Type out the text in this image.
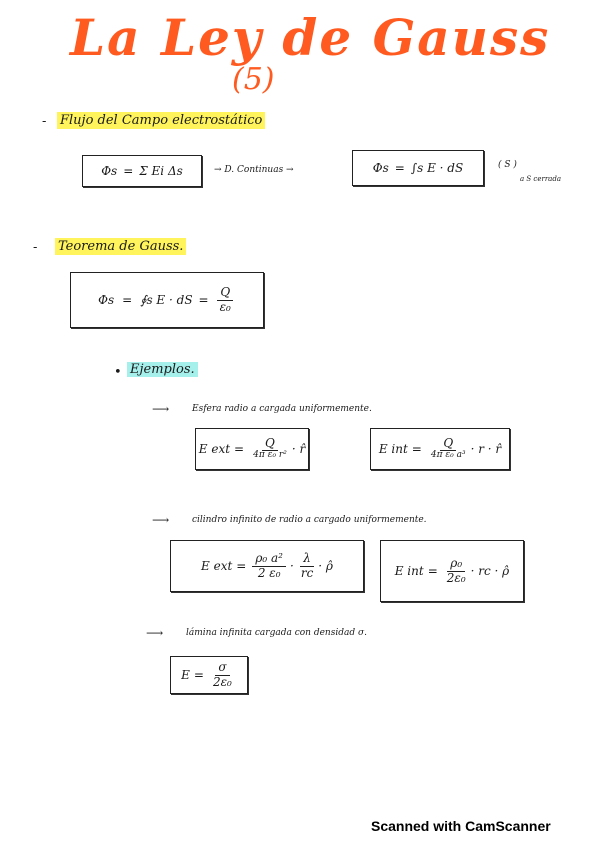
La Ley de Gauss
(5)
- Flujo del Campo electrostático
Φs = Σ Ei Δs	→ D. Continuas →	Φs = ∫s E · dS	( S )
a S cerrada
- Teorema de Gauss.
Φs = ∮s E · dS = $\frac{Q}{\text{ε₀}}$
• Ejemplos.
⟶	Esfera radio a cargada uniformemente.
E ext = $\frac{Q}{\text{4π ε₀ r²}}$ · r̂	E int = $\frac{Q}{\text{4π ε₀ a³}} \cdot r$ · r̂
⟶	cilindro infinito de radio a cargado uniformemente.
E ext = $\frac{\text{ρ₀ a²}}{\text{2 ε₀}} \cdot \frac{\lambda}{rc}$ · ρ̂	E int = $\frac{\text{ρ₀}}{\text{2ε₀}}$ · rc · ρ̂
⟶	lámina infinita cargada con densidad σ.
$E = \frac{\sigma}{\text{2ε₀}}$
Scanned with CamScanner
